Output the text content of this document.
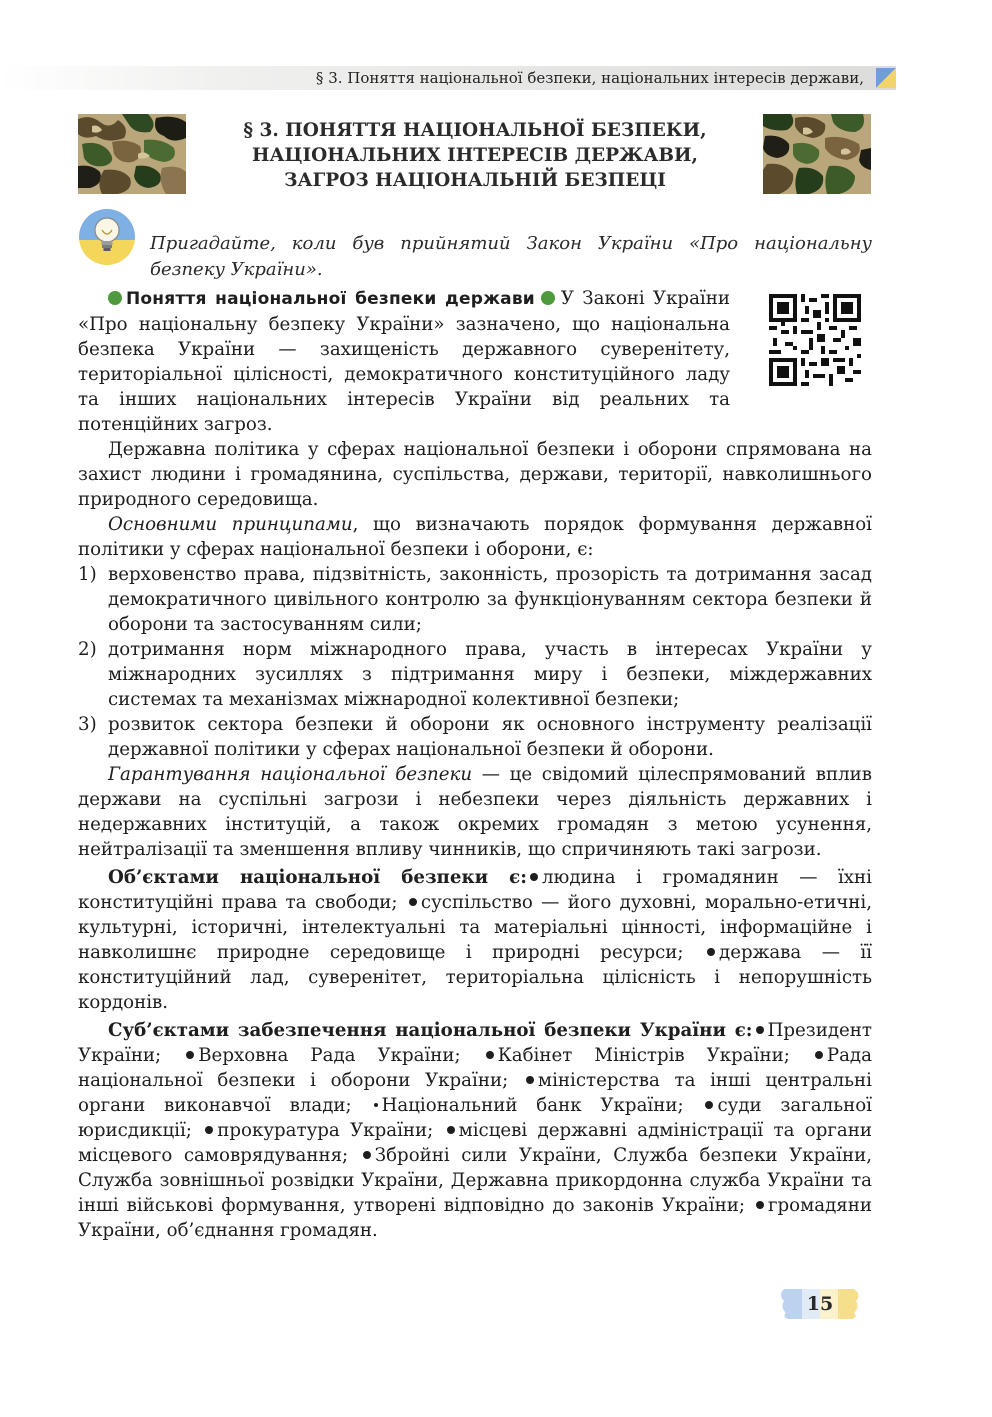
§ 3. Поняття національної безпеки, національних інтересів держави,
§ 3. ПОНЯТТЯ НАЦІОНАЛЬНОЇ БЕЗПЕКИ,
НАЦІОНАЛЬНИХ ІНТЕРЕСІВ ДЕРЖАВИ,
ЗАГРОЗ НАЦІОНАЛЬНІЙ БЕЗПЕЦІ

Пригадайте, коли був прийнятий Закон України «Про національну безпеку України».

Поняття національної безпеки держави У Законі України «Про національну безпеку України» зазначено, що національна безпека України — захищеність державного суверенітету, територіальної цілісності, демократичного конституційного ладу та інших національних інтересів України від реальних та потенційних загроз.

Державна політика у сферах національної безпеки і оборони спрямована на захист людини і громадянина, суспільства, держави, території, навколишнього природного середовища.

Основними принципами, що визначають порядок формування державної політики у сферах національної безпеки і оборони, є:

1) верховенство права, підзвітність, законність, прозорість та дотримання засад демократичного цивільного контролю за функціонуванням сектора безпеки й оборони та застосуванням сили;
2) дотримання норм міжнародного права, участь в інтересах України у міжнародних зусиллях з підтримання миру і безпеки, міждержавних системах та механізмах міжнародної колективної безпеки;
3) розвиток сектора безпеки й оборони як основного інструменту реалізації державної політики у сферах національної безпеки й оборони.

Гарантування національної безпеки — це свідомий цілеспрямований вплив держави на суспільні загрози і небезпеки через діяльність державних і недержавних інституцій, а також окремих громадян з метою усунення, нейтралізації та зменшення впливу чинників, що спричиняють такі загрози.

Об’єктами національної безпеки є: людина і громадянин — їхні конституційні права та свободи; суспільство — його духовні, морально-етичні, культурні, історичні, інтелектуальні та матеріальні цінності, інформаційне і навколишнє природне середовище і природні ресурси; держава — її конституційний лад, суверенітет, територіальна цілісність і непорушність кордонів.

Суб’єктами забезпечення національної безпеки України є: Президент України; Верховна Рада України; Кабінет Міністрів України; Рада національної безпеки і оборони України; міністерства та інші центральні органи виконавчої влади; Національний банк України; суди загальної юрисдикції; прокуратура України; місцеві державні адміністрації та органи місцевого самоврядування; Збройні сили України, Служба безпеки України, Служба зовнішньої розвідки України, Державна прикордонна служба України та інші військові формування, утворені відповідно до законів України; громадяни України, об’єднання громадян.

15
